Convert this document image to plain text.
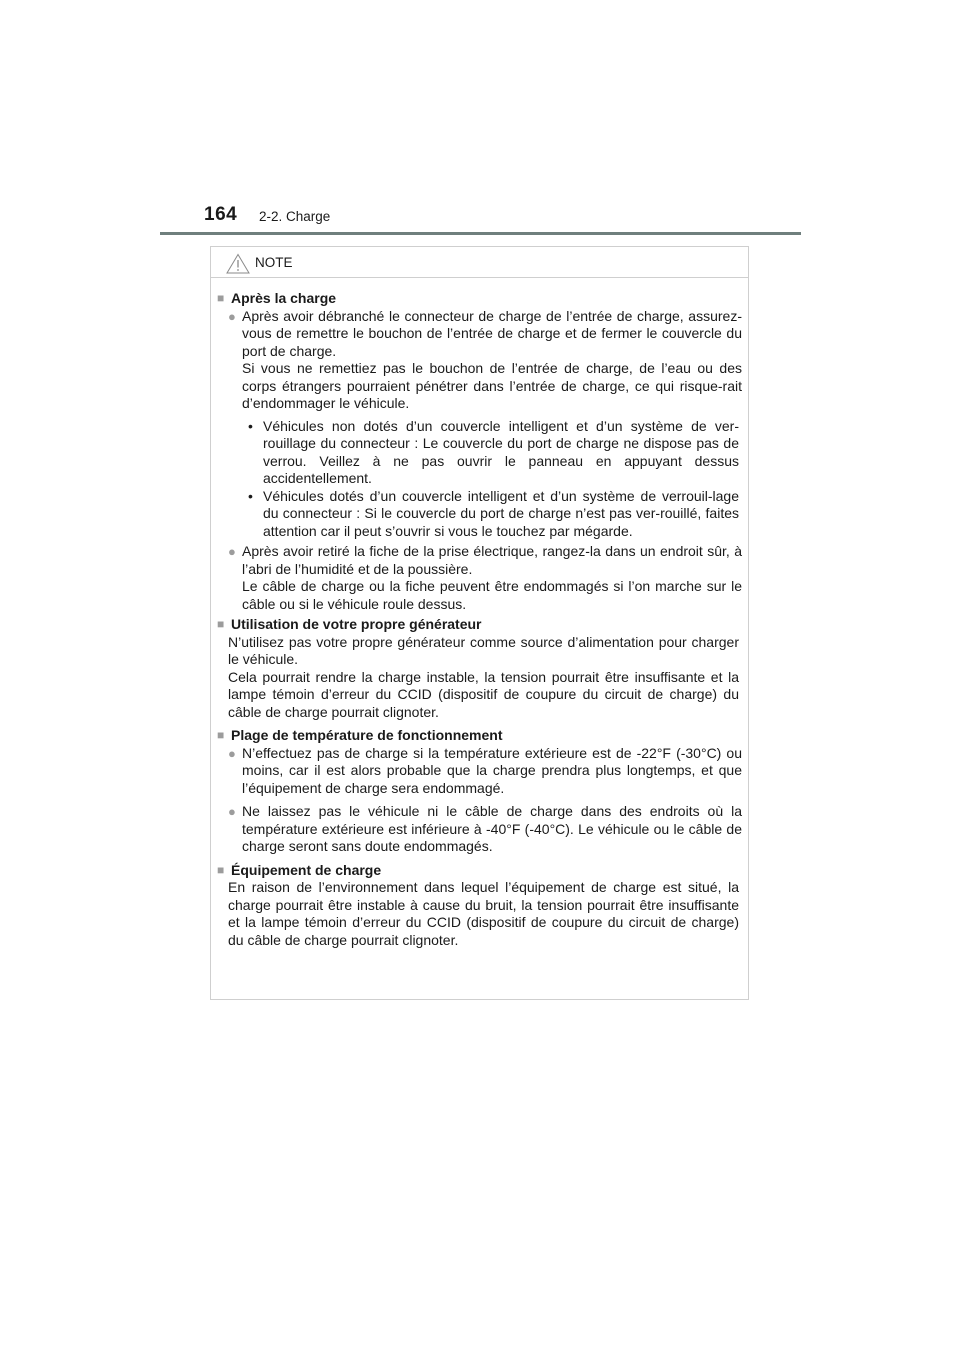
164 2-2. Charge
NOTE
■ Après la charge
● Après avoir débranché le connecteur de charge de l’entrée de charge, assurez-vous de remettre le bouchon de l’entrée de charge et de fermer le couvercle du port de charge.
Si vous ne remettiez pas le bouchon de l’entrée de charge, de l’eau ou des corps étrangers pourraient pénétrer dans l’entrée de charge, ce qui risque-rait d’endommager le véhicule.
• Véhicules non dotés d’un couvercle intelligent et d’un système de ver-rouillage du connecteur : Le couvercle du port de charge ne dispose pas de verrou. Veillez à ne pas ouvrir le panneau en appuyant dessus accidentellement.
• Véhicules dotés d’un couvercle intelligent et d’un système de verrouil-lage du connecteur : Si le couvercle du port de charge n’est pas ver-rouillé, faites attention car il peut s’ouvrir si vous le touchez par mégarde.
● Après avoir retiré la fiche de la prise électrique, rangez-la dans un endroit sûr, à l’abri de l’humidité et de la poussière.
Le câble de charge ou la fiche peuvent être endommagés si l’on marche sur le câble ou si le véhicule roule dessus.
■ Utilisation de votre propre générateur
N’utilisez pas votre propre générateur comme source d’alimentation pour charger le véhicule.
Cela pourrait rendre la charge instable, la tension pourrait être insuffisante et la lampe témoin d’erreur du CCID (dispositif de coupure du circuit de charge) du câble de charge pourrait clignoter.
■ Plage de température de fonctionnement
● N’effectuez pas de charge si la température extérieure est de -22°F (-30°C) ou moins, car il est alors probable que la charge prendra plus longtemps, et que l’équipement de charge sera endommagé.
● Ne laissez pas le véhicule ni le câble de charge dans des endroits où la température extérieure est inférieure à -40°F (-40°C). Le véhicule ou le câble de charge seront sans doute endommagés.
■ Équipement de charge
En raison de l’environnement dans lequel l’équipement de charge est situé, la charge pourrait être instable à cause du bruit, la tension pourrait être insuffisante et la lampe témoin d’erreur du CCID (dispositif de coupure du circuit de charge) du câble de charge pourrait clignoter.
